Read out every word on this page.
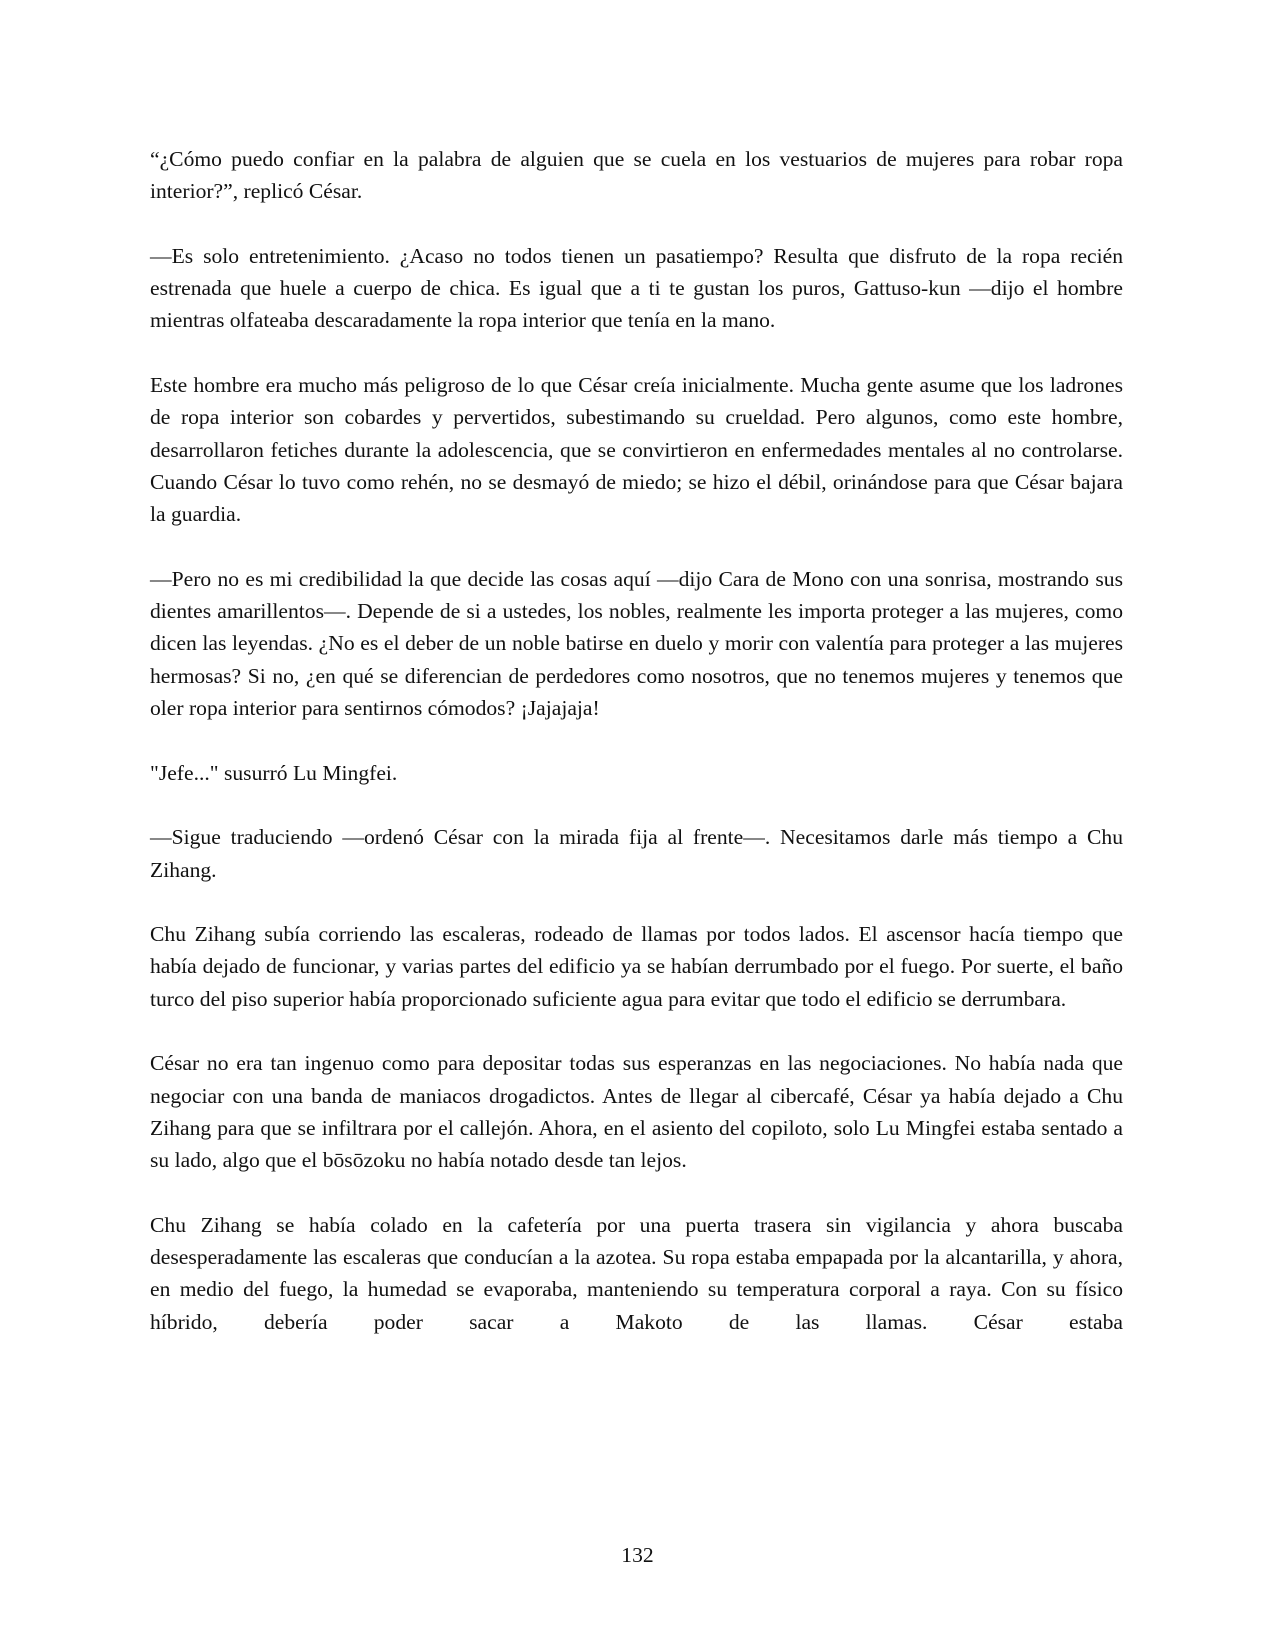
“¿Cómo puedo confiar en la palabra de alguien que se cuela en los vestuarios de mujeres para robar ropa interior?”, replicó César.

—Es solo entretenimiento. ¿Acaso no todos tienen un pasatiempo? Resulta que disfruto de la ropa recién estrenada que huele a cuerpo de chica. Es igual que a ti te gustan los puros, Gattuso-kun —dijo el hombre mientras olfateaba descaradamente la ropa interior que tenía en la mano.

Este hombre era mucho más peligroso de lo que César creía inicialmente. Mucha gente asume que los ladrones de ropa interior son cobardes y pervertidos, subestimando su crueldad. Pero algunos, como este hombre, desarrollaron fetiches durante la adolescencia, que se convirtieron en enfermedades mentales al no controlarse. Cuando César lo tuvo como rehén, no se desmayó de miedo; se hizo el débil, orinándose para que César bajara la guardia.

—Pero no es mi credibilidad la que decide las cosas aquí —dijo Cara de Mono con una sonrisa, mostrando sus dientes amarillentos—. Depende de si a ustedes, los nobles, realmente les importa proteger a las mujeres, como dicen las leyendas. ¿No es el deber de un noble batirse en duelo y morir con valentía para proteger a las mujeres hermosas? Si no, ¿en qué se diferencian de perdedores como nosotros, que no tenemos mujeres y tenemos que oler ropa interior para sentirnos cómodos? ¡Jajajaja!

"Jefe..." susurró Lu Mingfei.

—Sigue traduciendo —ordenó César con la mirada fija al frente—. Necesitamos darle más tiempo a Chu Zihang.

Chu Zihang subía corriendo las escaleras, rodeado de llamas por todos lados. El ascensor hacía tiempo que había dejado de funcionar, y varias partes del edificio ya se habían derrumbado por el fuego. Por suerte, el baño turco del piso superior había proporcionado suficiente agua para evitar que todo el edificio se derrumbara.

César no era tan ingenuo como para depositar todas sus esperanzas en las negociaciones. No había nada que negociar con una banda de maniacos drogadictos. Antes de llegar al cibercafé, César ya había dejado a Chu Zihang para que se infiltrara por el callejón. Ahora, en el asiento del copiloto, solo Lu Mingfei estaba sentado a su lado, algo que el bōsōzoku no había notado desde tan lejos.

Chu Zihang se había colado en la cafetería por una puerta trasera sin vigilancia y ahora buscaba desesperadamente las escaleras que conducían a la azotea. Su ropa estaba empapada por la alcantarilla, y ahora, en medio del fuego, la humedad se evaporaba, manteniendo su temperatura corporal a raya. Con su físico híbrido, debería poder sacar a Makoto de las llamas. César estaba

132
